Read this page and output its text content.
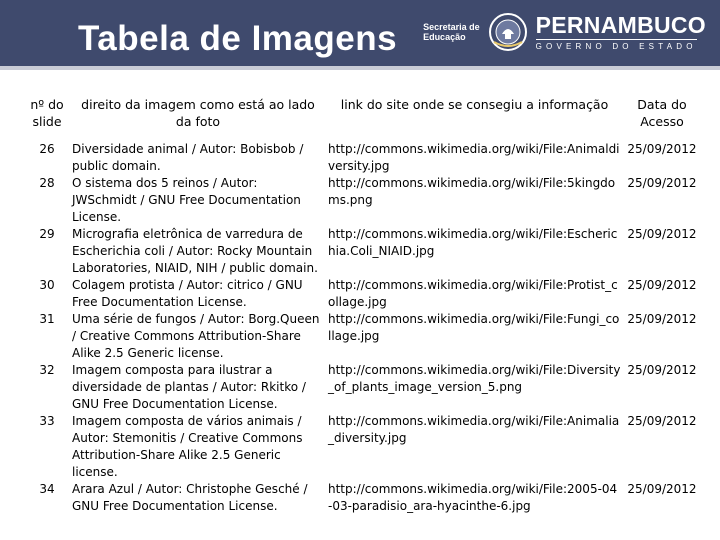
Tabela de Imagens	Secretaria de
Educação	PERNAMBUCO
GOVERNO DO ESTADO
nº do slide	direito da imagem como está ao lado da foto	link do site onde se consegiu a informação	Data do Acesso
26	Diversidade animal / Autor: Bobisbob / public domain.	http://commons.wikimedia.org/wiki/File:Animaldiversity.jpg	25/09/2012
28	O sistema dos 5 reinos / Autor: JWSchmidt / GNU Free Documentation License.	http://commons.wikimedia.org/wiki/File:5kingdoms.png	25/09/2012
29	Micrografia eletrônica de varredura de Escherichia coli / Autor: Rocky Mountain Laboratories, NIAID, NIH / public domain.	http://commons.wikimedia.org/wiki/File:Escherichia.Coli_NIAID.jpg	25/09/2012
30	Colagem protista / Autor: citrico / GNU Free Documentation License.	http://commons.wikimedia.org/wiki/File:Protist_collage.jpg	25/09/2012
31	Uma série de fungos / Autor: Borg.Queen / Creative Commons Attribution-Share Alike 2.5 Generic license.	http://commons.wikimedia.org/wiki/File:Fungi_collage.jpg	25/09/2012
32	Imagem composta para ilustrar a diversidade de plantas / Autor: Rkitko / GNU Free Documentation License.	http://commons.wikimedia.org/wiki/File:Diversity_of_plants_image_version_5.png	25/09/2012
33	Imagem composta de vários animais / Autor: Stemonitis / Creative Commons Attribution-Share Alike 2.5 Generic license.	http://commons.wikimedia.org/wiki/File:Animalia_diversity.jpg	25/09/2012
34	Arara Azul / Autor: Christophe Gesché / GNU Free Documentation License.	http://commons.wikimedia.org/wiki/File:2005-04-03-paradisio_ara-hyacinthe-6.jpg	25/09/2012
